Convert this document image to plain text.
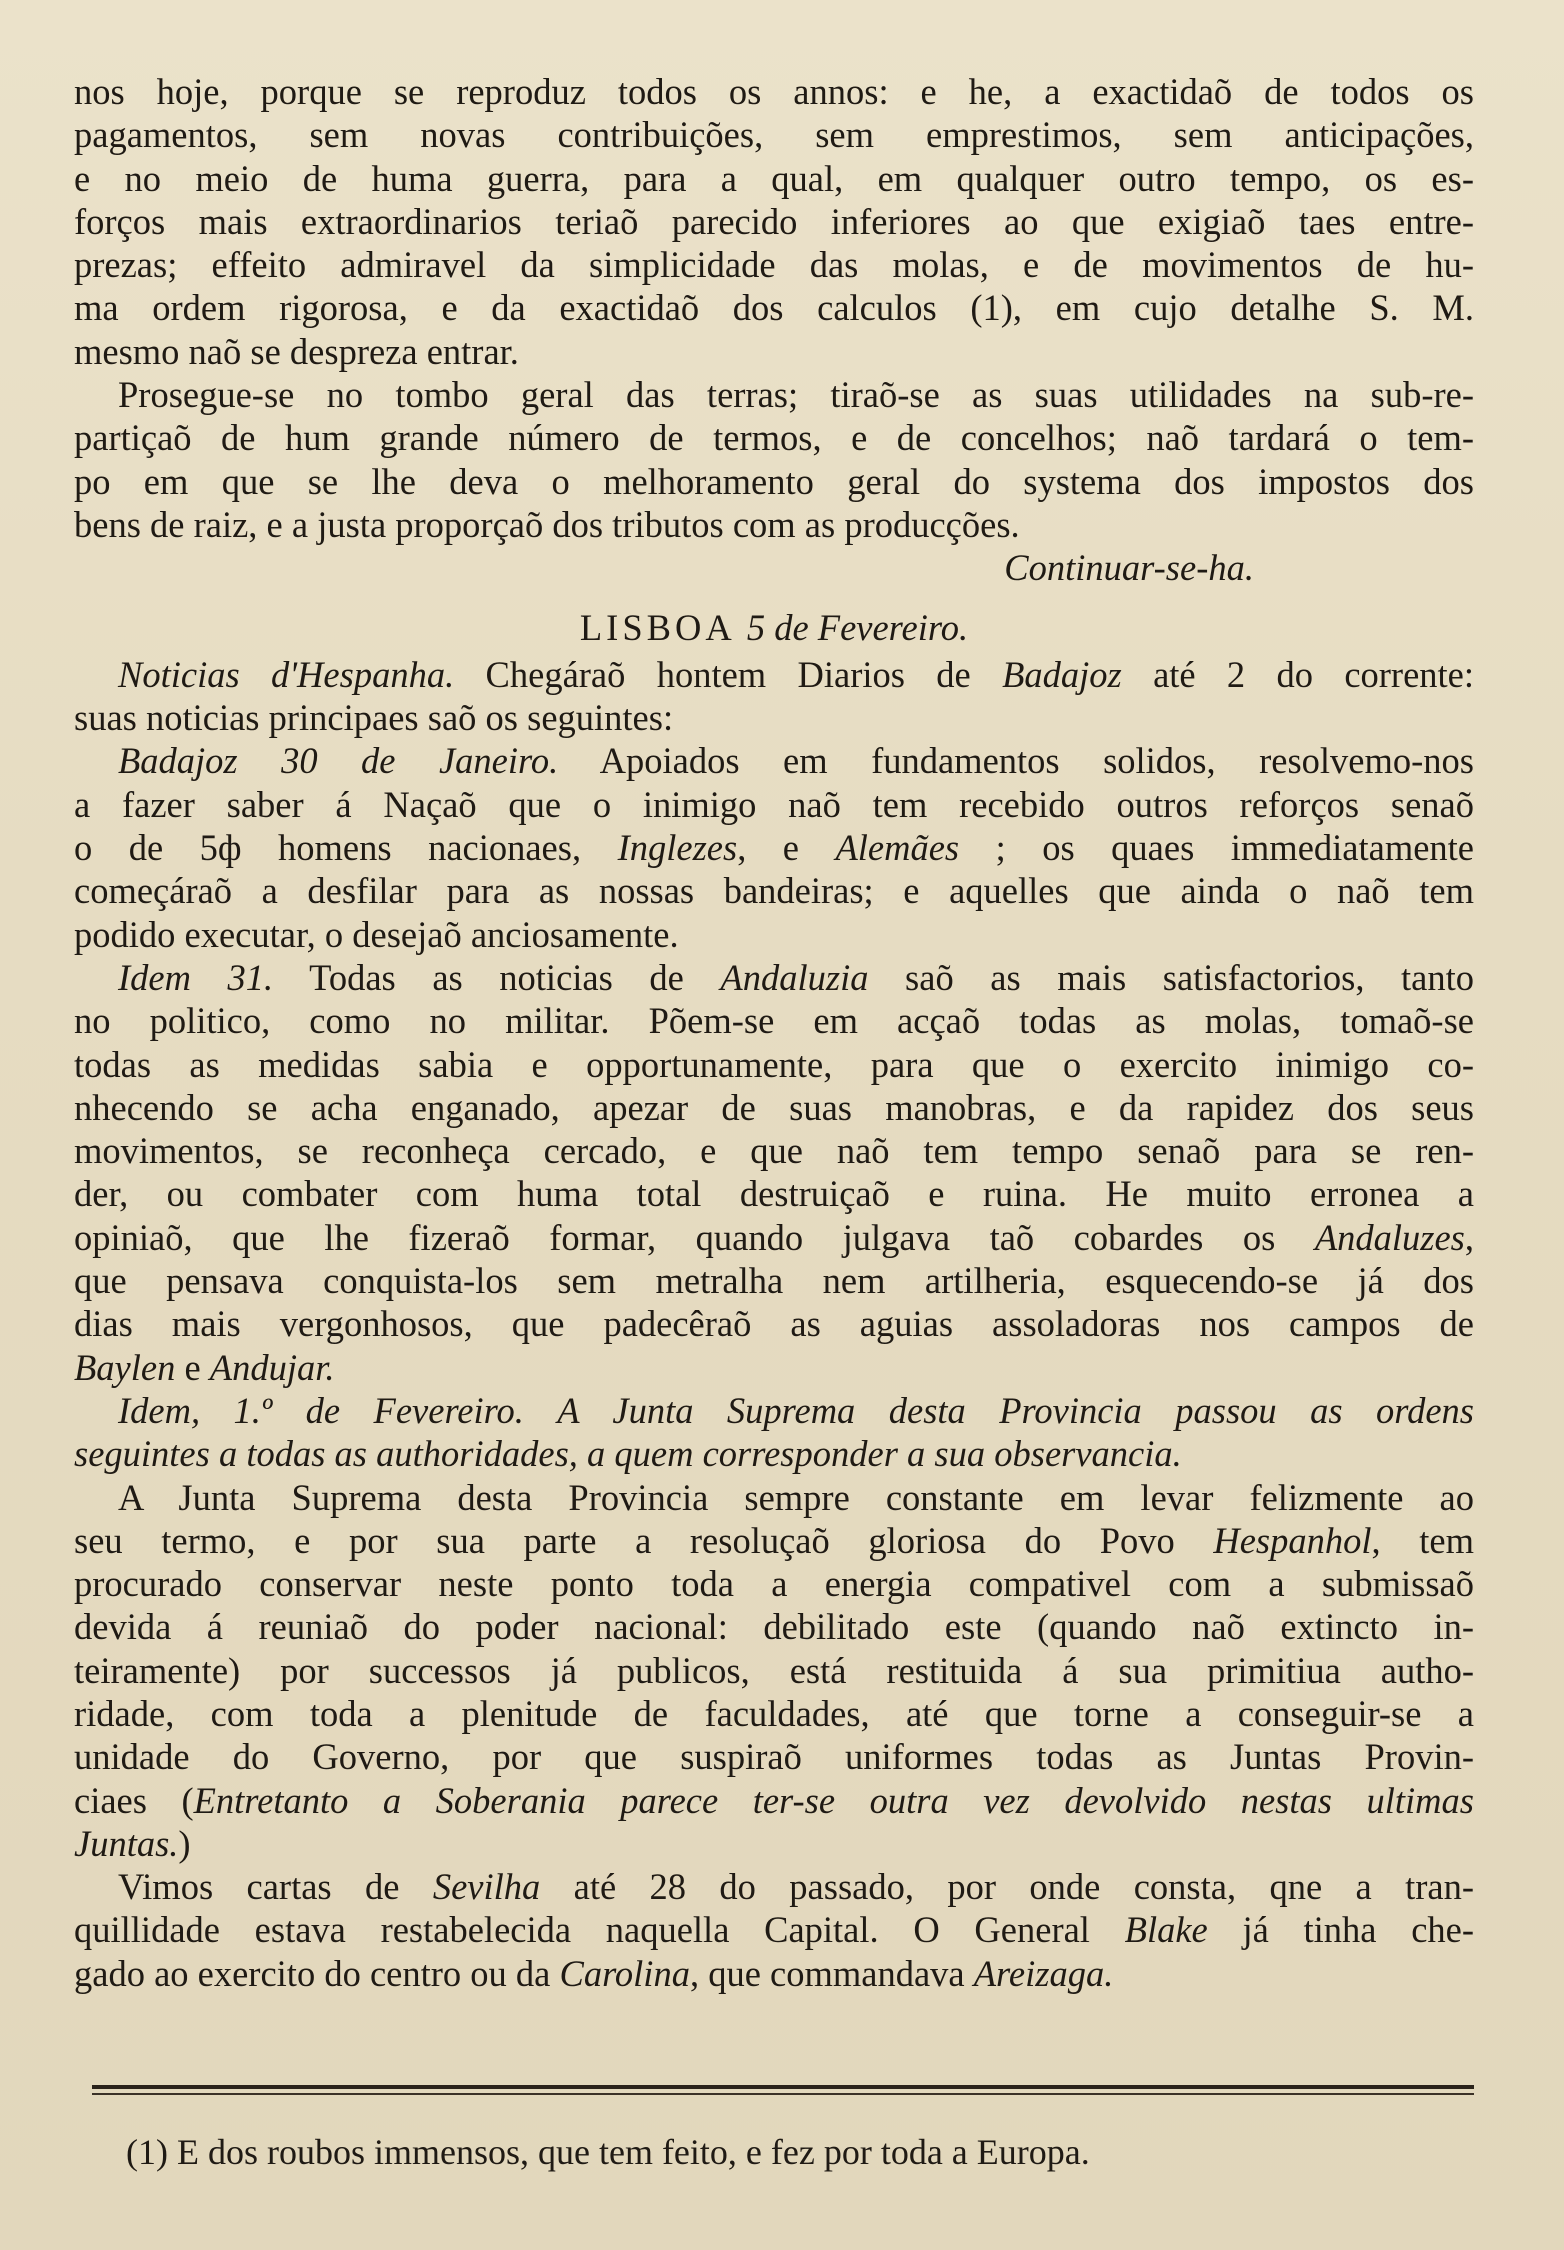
nos hoje, porque se reproduz todos os annos: e he, a exactidaõ de todos os
pagamentos, sem novas contribuições, sem emprestimos, sem anticipações,
e no meio de huma guerra, para a qual, em qualquer outro tempo, os es-
forços mais extraordinarios teriaõ parecido inferiores ao que exigiaõ taes entre-
prezas; effeito admiravel da simplicidade das molas, e de movimentos de hu-
ma ordem rigorosa, e da exactidaõ dos calculos (1), em cujo detalhe S. M.
mesmo naõ se despreza entrar.

Prosegue-se no tombo geral das terras; tiraõ-se as suas utilidades na sub-re-
partiçaõ de hum grande número de termos, e de concelhos; naõ tardará o tem-
po em que se lhe deva o melhoramento geral do systema dos impostos dos
bens de raiz, e a justa proporçaõ dos tributos com as producções.

Continuar-se-ha.

LISBOA 5 de Fevereiro.

Noticias d'Hespanha. Chegáraõ hontem Diarios de Badajoz até 2 do corrente:
suas noticias principaes saõ os seguintes:

Badajoz 30 de Janeiro. Apoiados em fundamentos solidos, resolvemo-nos
a fazer saber á Naçaõ que o inimigo naõ tem recebido outros reforços senaõ
o de 5ф homens nacionaes, Inglezes, e Alemães ; os quaes immediatamente
começáraõ a desfilar para as nossas bandeiras; e aquelles que ainda o naõ tem
podido executar, o desejaõ anciosamente.

Idem 31. Todas as noticias de Andaluzia saõ as mais satisfactorios, tanto
no politico, como no militar. Põem-se em acçaõ todas as molas, tomaõ-se
todas as medidas sabia e opportunamente, para que o exercito inimigo co-
nhecendo se acha enganado, apezar de suas manobras, e da rapidez dos seus
movimentos, se reconheça cercado, e que naõ tem tempo senaõ para se ren-
der, ou combater com huma total destruiçaõ e ruina. He muito erronea a
opiniaõ, que lhe fizeraõ formar, quando julgava taõ cobardes os Andaluzes,
que pensava conquista-los sem metralha nem artilheria, esquecendo-se já dos
dias mais vergonhosos, que padecêraõ as aguias assoladoras nos campos de
Baylen e Andujar.

Idem, 1.º de Fevereiro. A Junta Suprema desta Provincia passou as ordens
seguintes a todas as authoridades, a quem corresponder a sua observancia.

A Junta Suprema desta Provincia sempre constante em levar felizmente ao
seu termo, e por sua parte a resoluçaõ gloriosa do Povo Hespanhol, tem
procurado conservar neste ponto toda a energia compativel com a submissaõ
devida á reuniaõ do poder nacional: debilitado este (quando naõ extincto in-
teiramente) por successos já publicos, está restituida á sua primitiua autho-
ridade, com toda a plenitude de faculdades, até que torne a conseguir-se a
unidade do Governo, por que suspiraõ uniformes todas as Juntas Provin-
ciaes (Entretanto a Soberania parece ter-se outra vez devolvido nestas ultimas
Juntas.)

Vimos cartas de Sevilha até 28 do passado, por onde consta, qne a tran-
quillidade estava restabelecida naquella Capital. O General Blake já tinha che-
gado ao exercito do centro ou da Carolina, que commandava Areizaga.

(1) E dos roubos immensos, que tem feito, e fez por toda a Europa.
